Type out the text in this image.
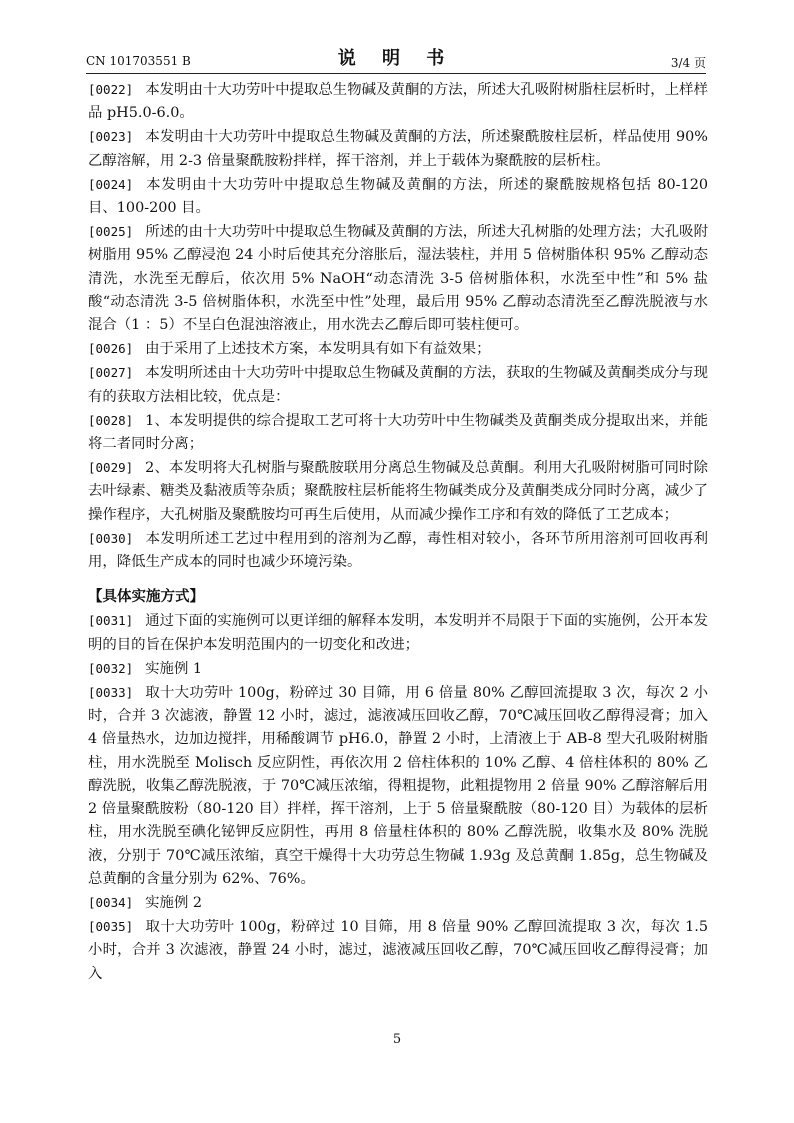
CN 101703551 B	说 明 书	3/4 页

[0022] 本发明由十大功劳叶中提取总生物碱及黄酮的方法，所述大孔吸附树脂柱层析时，上样样品 pH5.0-6.0。

[0023] 本发明由十大功劳叶中提取总生物碱及黄酮的方法，所述聚酰胺柱层析，样品使用 90% 乙醇溶解，用 2-3 倍量聚酰胺粉拌样，挥干溶剂，并上于载体为聚酰胺的层析柱。

[0024] 本发明由十大功劳叶中提取总生物碱及黄酮的方法，所述的聚酰胺规格包括 80-120 目、100-200 目。

[0025] 所述的由十大功劳叶中提取总生物碱及黄酮的方法，所述大孔树脂的处理方法；大孔吸附树脂用 95% 乙醇浸泡 24 小时后使其充分溶胀后，湿法装柱，并用 5 倍树脂体积 95% 乙醇动态清洗，水洗至无醇后，依次用 5% NaOH“动态清洗 3-5 倍树脂体积，水洗至中性”和 5% 盐酸“动态清洗 3-5 倍树脂体积，水洗至中性”处理，最后用 95% 乙醇动态清洗至乙醇洗脱液与水混合（1 ：5）不呈白色混浊溶液止，用水洗去乙醇后即可装柱便可。

[0026] 由于采用了上述技术方案，本发明具有如下有益效果；

[0027] 本发明所述由十大功劳叶中提取总生物碱及黄酮的方法，获取的生物碱及黄酮类成分与现有的获取方法相比较，优点是：

[0028] 1、本发明提供的综合提取工艺可将十大功劳叶中生物碱类及黄酮类成分提取出来，并能将二者同时分离；

[0029] 2、本发明将大孔树脂与聚酰胺联用分离总生物碱及总黄酮。利用大孔吸附树脂可同时除去叶绿素、糖类及黏液质等杂质；聚酰胺柱层析能将生物碱类成分及黄酮类成分同时分离，减少了操作程序，大孔树脂及聚酰胺均可再生后使用，从而减少操作工序和有效的降低了工艺成本；

[0030] 本发明所述工艺过中程用到的溶剂为乙醇，毒性相对较小，各环节所用溶剂可回收再利用，降低生产成本的同时也减少环境污染。

【具体实施方式】

[0031] 通过下面的实施例可以更详细的解释本发明，本发明并不局限于下面的实施例，公开本发明的目的旨在保护本发明范围内的一切变化和改进；

[0032] 实施例 1

[0033] 取十大功劳叶 100g，粉碎过 30 目筛，用 6 倍量 80% 乙醇回流提取 3 次，每次 2 小时，合并 3 次滤液，静置 12 小时，滤过，滤液减压回收乙醇，70℃减压回收乙醇得浸膏；加入 4 倍量热水，边加边搅拌，用稀酸调节 pH6.0，静置 2 小时，上清液上于 AB-8 型大孔吸附树脂柱，用水洗脱至 Molisch 反应阴性，再依次用 2 倍柱体积的 10% 乙醇、4 倍柱体积的 80% 乙醇洗脱，收集乙醇洗脱液，于 70℃减压浓缩，得粗提物，此粗提物用 2 倍量 90% 乙醇溶解后用 2 倍量聚酰胺粉（80-120 目）拌样，挥干溶剂，上于 5 倍量聚酰胺（80-120 目）为载体的层析柱，用水洗脱至碘化铋钾反应阴性，再用 8 倍量柱体积的 80% 乙醇洗脱，收集水及 80% 洗脱液，分别于 70℃减压浓缩，真空干燥得十大功劳总生物碱 1.93g 及总黄酮 1.85g，总生物碱及总黄酮的含量分别为 62%、76%。

[0034] 实施例 2

[0035] 取十大功劳叶 100g，粉碎过 10 目筛，用 8 倍量 90% 乙醇回流提取 3 次，每次 1.5 小时，合并 3 次滤液，静置 24 小时，滤过，滤液减压回收乙醇，70℃减压回收乙醇得浸膏；加入

5
